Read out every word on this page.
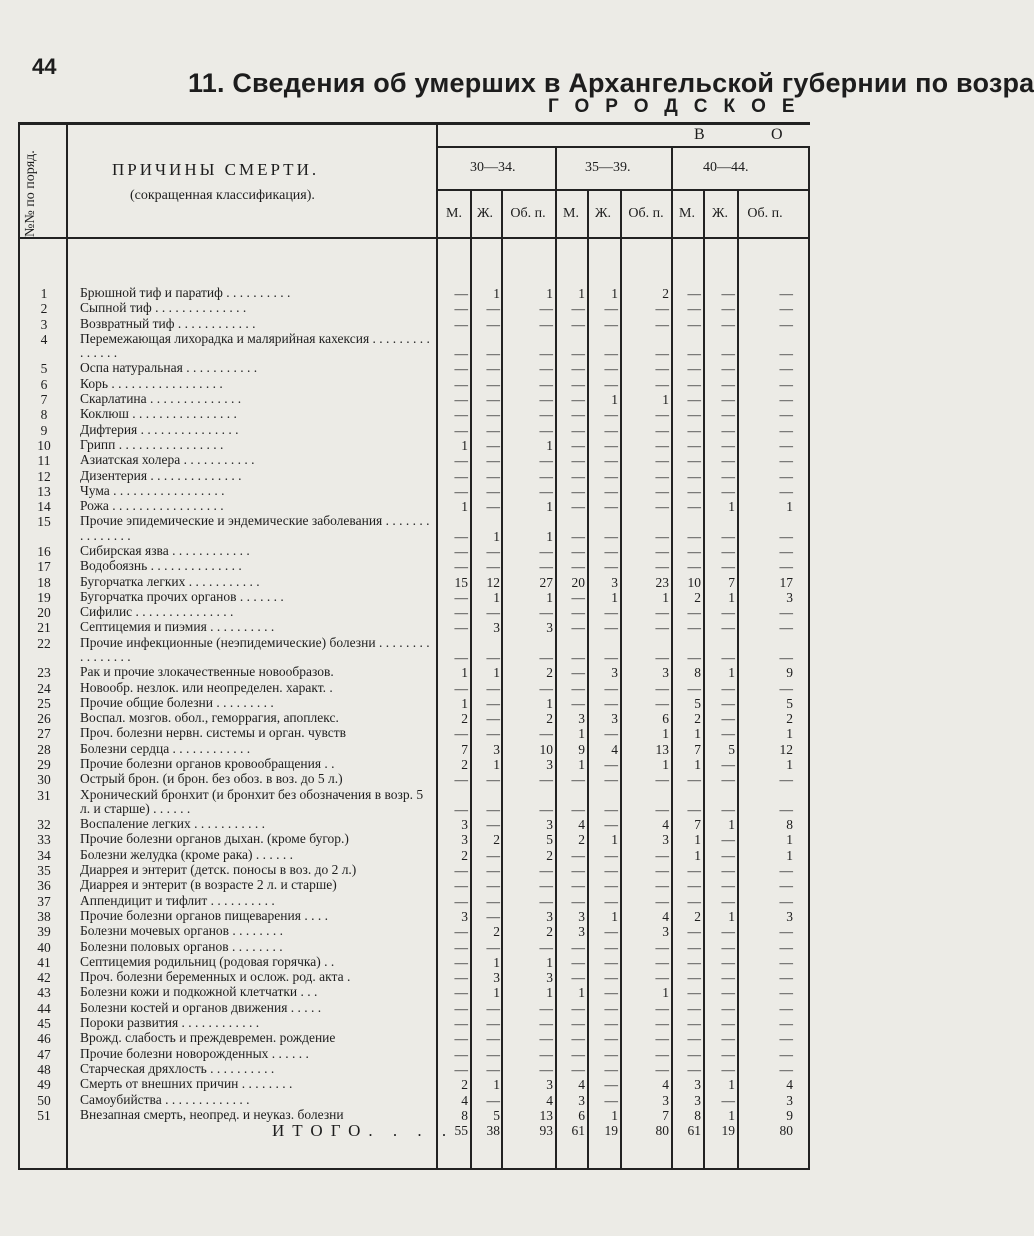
44
11. Сведения об умерших в Архангельской губернии по возра
ГОРОДСКОЕ
№№ по поряд.	ПРИЧИНЫ СМЕРТИ.
(сокращенная классификация).
В	О
30—34.	35—39.	40—44.
М.	Ж.	Об. п.	М.	Ж.	Об. п.	М.	Ж.	Об. п.
1	Брюшной тиф и паратиф . . . . . . . . . .	—	1	1	1	1	2	—	—	—
2	Сыпной тиф . . . . . . . . . . . . . .	—	—	—	—	—	—	—	—	—
3	Возвратный тиф . . . . . . . . . . . .	—	—	—	—	—	—	—	—	—
4	Перемежающая лихорадка и малярийная кахексия . . . . . . . . . . . . . . .	—	—	—	—	—	—	—	—	—
5	Оспа натуральная . . . . . . . . . . .	—	—	—	—	—	—	—	—	—
6	Корь . . . . . . . . . . . . . . . . .	—	—	—	—	—	—	—	—	—
7	Скарлатина . . . . . . . . . . . . . .	—	—	—	—	1	1	—	—	—
8	Коклюш . . . . . . . . . . . . . . . .	—	—	—	—	—	—	—	—	—
9	Дифтерия . . . . . . . . . . . . . . .	—	—	—	—	—	—	—	—	—
10	Грипп . . . . . . . . . . . . . . . .	1	—	1	—	—	—	—	—	—
11	Азиатская холера . . . . . . . . . . .	—	—	—	—	—	—	—	—	—
12	Дизентерия . . . . . . . . . . . . . .	—	—	—	—	—	—	—	—	—
13	Чума . . . . . . . . . . . . . . . . .	—	—	—	—	—	—	—	—	—
14	Рожа . . . . . . . . . . . . . . . . .	1	—	1	—	—	—	—	1	1
15	Прочие эпидемические и эндемические заболевания . . . . . . . . . . . . . . .	—	1	1	—	—	—	—	—	—
16	Сибирская язва . . . . . . . . . . . .	—	—	—	—	—	—	—	—	—
17	Водобоязнь . . . . . . . . . . . . . .	—	—	—	—	—	—	—	—	—
18	Бугорчатка легких . . . . . . . . . . .	15	12	27	20	3	23	10	7	17
19	Бугорчатка прочих органов . . . . . . .	—	1	1	—	1	1	2	1	3
20	Сифилис . . . . . . . . . . . . . . .	—	—	—	—	—	—	—	—	—
21	Септицемия и пиэмия . . . . . . . . . .	—	3	3	—	—	—	—	—	—
22	Прочие инфекционные (неэпидемические) болезни . . . . . . . . . . . . . . . .	—	—	—	—	—	—	—	—	—
23	Рак и прочие злокачественные новообразов.	1	1	2	—	3	3	8	1	9
24	Новообр. незлок. или неопределен. характ. .	—	—	—	—	—	—	—	—	—
25	Прочие общие болезни . . . . . . . . .	1	—	1	—	—	—	5	—	5
26	Воспал. мозгов. обол., геморрагия, апоплекс.	2	—	2	3	3	6	2	—	2
27	Проч. болезни нервн. системы и орган. чувств	—	—	—	1	—	1	1	—	1
28	Болезни сердца . . . . . . . . . . . .	7	3	10	9	4	13	7	5	12
29	Прочие болезни органов кровообращения . .	2	1	3	1	—	1	1	—	1
30	Острый брон. (и брон. без обоз. в воз. до 5 л.)	—	—	—	—	—	—	—	—	—
31	Хронический бронхит (и бронхит без обозначения в возр. 5 л. и старше) . . . . . .	—	—	—	—	—	—	—	—	—
32	Воспаление легких . . . . . . . . . . .	3	—	3	4	—	4	7	1	8
33	Прочие болезни органов дыхан. (кроме бугор.)	3	2	5	2	1	3	1	—	1
34	Болезни желудка (кроме рака) . . . . . .	2	—	2	—	—	—	1	—	1
35	Диаррея и энтерит (детск. поносы в воз. до 2 л.)	—	—	—	—	—	—	—	—	—
36	Диаррея и энтерит (в возрасте 2 л. и старше)	—	—	—	—	—	—	—	—	—
37	Аппендицит и тифлит . . . . . . . . . .	—	—	—	—	—	—	—	—	—
38	Прочие болезни органов пищеварения . . . .	3	—	3	3	1	4	2	1	3
39	Болезни мочевых органов . . . . . . . .	—	2	2	3	—	3	—	—	—
40	Болезни половых органов . . . . . . . .	—	—	—	—	—	—	—	—	—
41	Септицемия родильниц (родовая горячка) . .	—	1	1	—	—	—	—	—	—
42	Проч. болезни беременных и ослож. род. акта .	—	3	3	—	—	—	—	—	—
43	Болезни кожи и подкожной клетчатки . . .	—	1	1	1	—	1	—	—	—
44	Болезни костей и органов движения . . . . .	—	—	—	—	—	—	—	—	—
45	Пороки развития . . . . . . . . . . . .	—	—	—	—	—	—	—	—	—
46	Врожд. слабость и преждевремен. рождение	—	—	—	—	—	—	—	—	—
47	Прочие болезни новорожденных . . . . . .	—	—	—	—	—	—	—	—	—
48	Старческая дряхлость . . . . . . . . . .	—	—	—	—	—	—	—	—	—
49	Смерть от внешних причин . . . . . . . .	2	1	3	4	—	4	3	1	4
50	Самоубийства . . . . . . . . . . . . .	4	—	4	3	—	3	3	—	3
51	Внезапная смерть, неопред. и неуказ. болезни	8	5	13	6	1	7	8	1	9
ИТОГО. . . . 55	38	93	61	19	80	61	19	80
